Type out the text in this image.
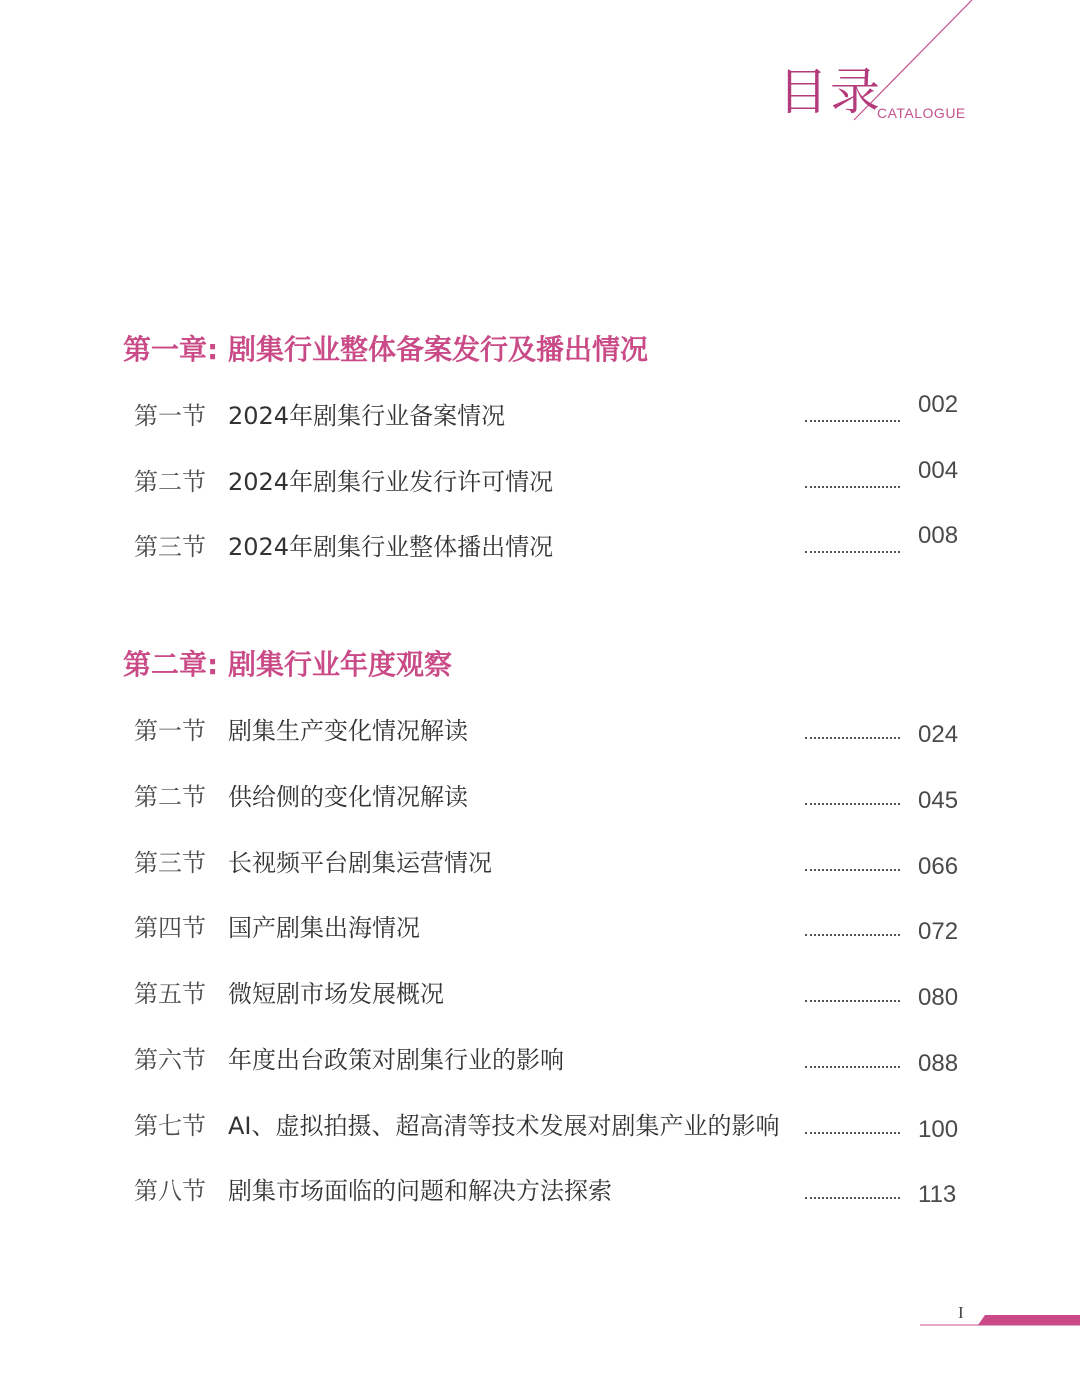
目录
CATALOGUE
第一章: 剧集行业整体备案发行及播出情况
第一节 2024年剧集行业备案情况	002
第二节 2024年剧集行业发行许可情况	004
第三节 2024年剧集行业整体播出情况	008
第二章: 剧集行业年度观察
第一节 剧集生产变化情况解读	024
第二节 供给侧的变化情况解读	045
第三节 长视频平台剧集运营情况	066
第四节 国产剧集出海情况	072
第五节 微短剧市场发展概况	080
第六节 年度出台政策对剧集行业的影响	088
第七节 AI、虚拟拍摄、超高清等技术发展对剧集产业的影响	100
第八节 剧集市场面临的问题和解决方法探索	113
I
